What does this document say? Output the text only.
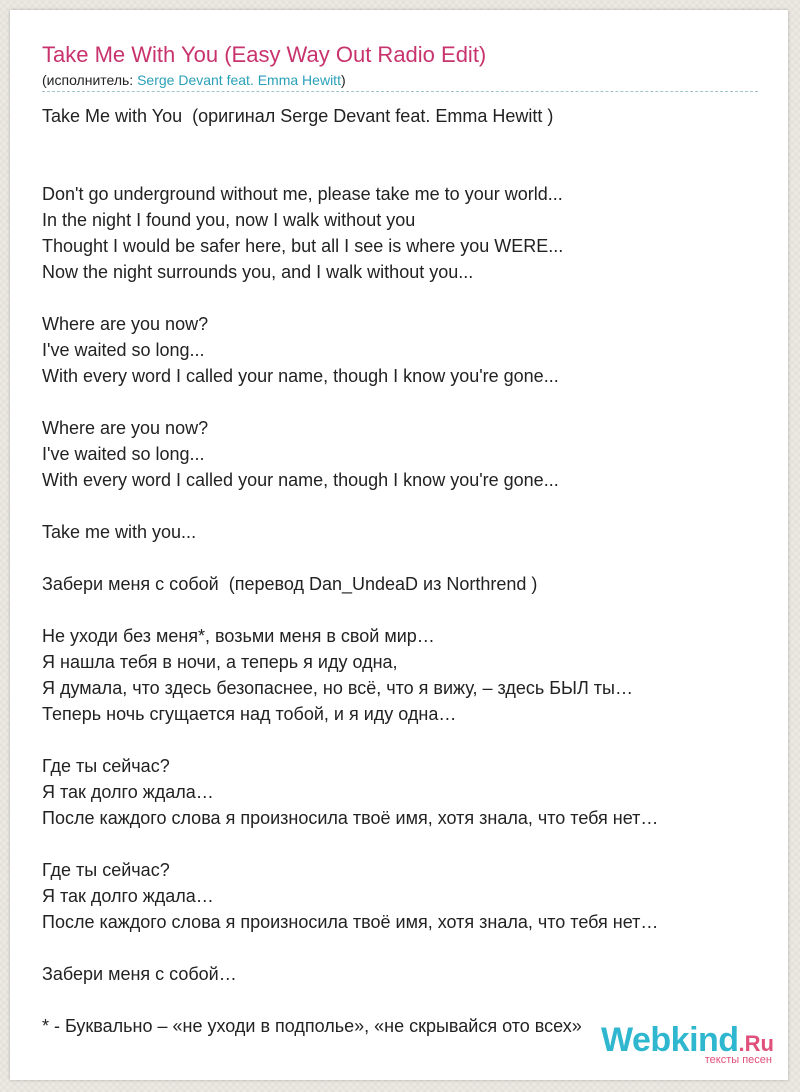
Take Me With You (Easy Way Out Radio Edit)
(исполнитель: Serge Devant feat. Emma Hewitt)
Take Me with You  (оригинал Serge Devant feat. Emma Hewitt )

Don't go underground without me, please take me to your world...
In the night I found you, now I walk without you
Thought I would be safer here, but all I see is where you WERE...
Now the night surrounds you, and I walk without you...

Where are you now?
I've waited so long...
With every word I called your name, though I know you're gone...

Where are you now?
I've waited so long...
With every word I called your name, though I know you're gone...

Take me with you...

Забери меня с собой  (перевод Dan_UndeaD из Northrend )

Не уходи без меня*, возьми меня в свой мир…
Я нашла тебя в ночи, а теперь я иду одна,
Я думала, что здесь безопаснее, но всё, что я вижу, – здесь БЫЛ ты…
Теперь ночь сгущается над тобой, и я иду одна…

Где ты сейчас?
Я так долго ждала…
После каждого слова я произносила твоё имя, хотя знала, что тебя нет…

Где ты сейчас?
Я так долго ждала…
После каждого слова я произносила твоё имя, хотя знала, что тебя нет…

Забери меня с собой…

* - Буквально – «не уходи в подполье», «не скрывайся ото всех» Webkind.Ru
тексты песен
